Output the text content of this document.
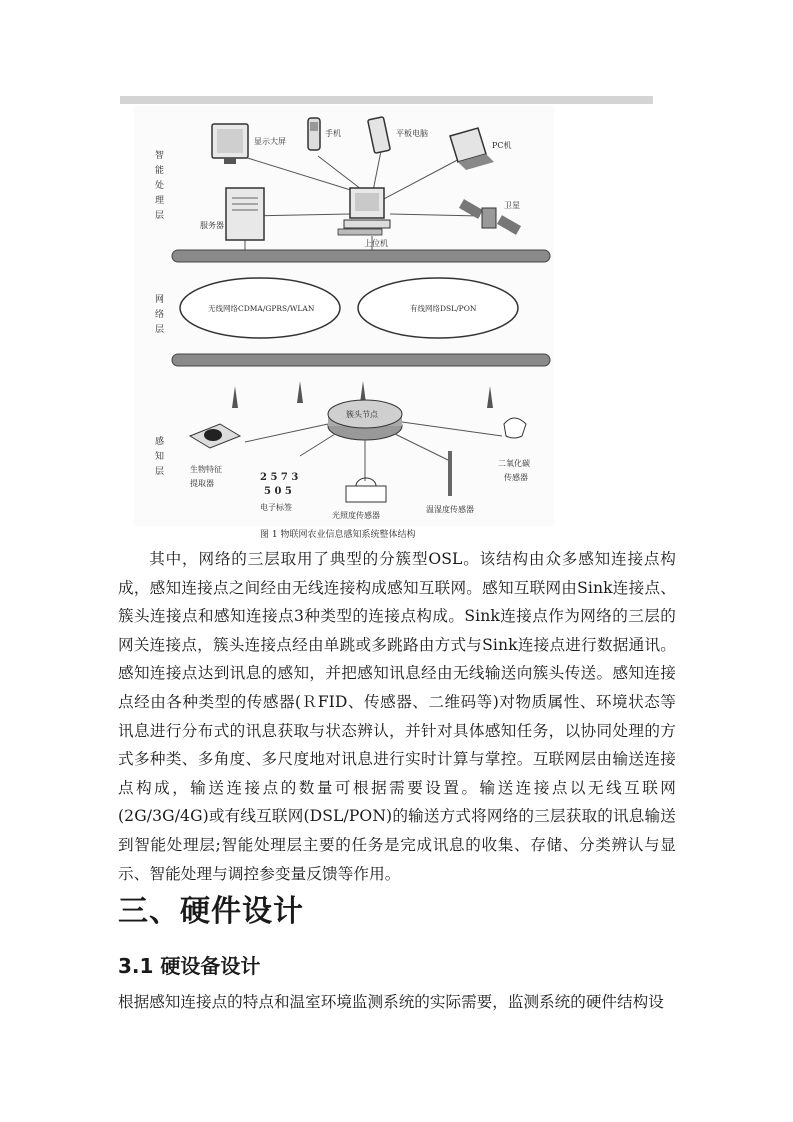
智能处理层
网络层
感知层
显示大屏
手机	平板电脑
PC机
服务器
上位机
卫星
无线网络CDMA/GPRS/WLAN	有线网络DSL/PON
簇头节点
生物特征
提取器
2 5 7 3
5 0 5
电子标签
光照度传感器
温湿度传感器
二氧化碳
传感器
图 1 物联网农业信息感知系统整体结构

其中，网络的三层取用了典型的分簇型OSL。该结构由众多感知连接点构成，感知连接点之间经由无线连接构成感知互联网。感知互联网由Sink连接点、簇头连接点和感知连接点3种类型的连接点构成。Sink连接点作为网络的三层的网关连接点，簇头连接点经由单跳或多跳路由方式与Sink连接点进行数据通讯。感知连接点达到讯息的感知，并把感知讯息经由无线输送向簇头传送。感知连接点经由各种类型的传感器(ＲFID、传感器、二维码等)对物质属性、环境状态等讯息进行分布式的讯息获取与状态辨认，并针对具体感知任务，以协同处理的方式多种类、多角度、多尺度地对讯息进行实时计算与掌控。互联网层由输送连接点构成，输送连接点的数量可根据需要设置。输送连接点以无线互联网(2G/3G/4G)或有线互联网(DSL/PON)的输送方式将网络的三层获取的讯息输送到智能处理层;智能处理层主要的任务是完成讯息的收集、存储、分类辨认与显示、智能处理与调控参变量反馈等作用。

三、硬件设计
3.1 硬设备设计

根据感知连接点的特点和温室环境监测系统的实际需要，监测系统的硬件结构设
